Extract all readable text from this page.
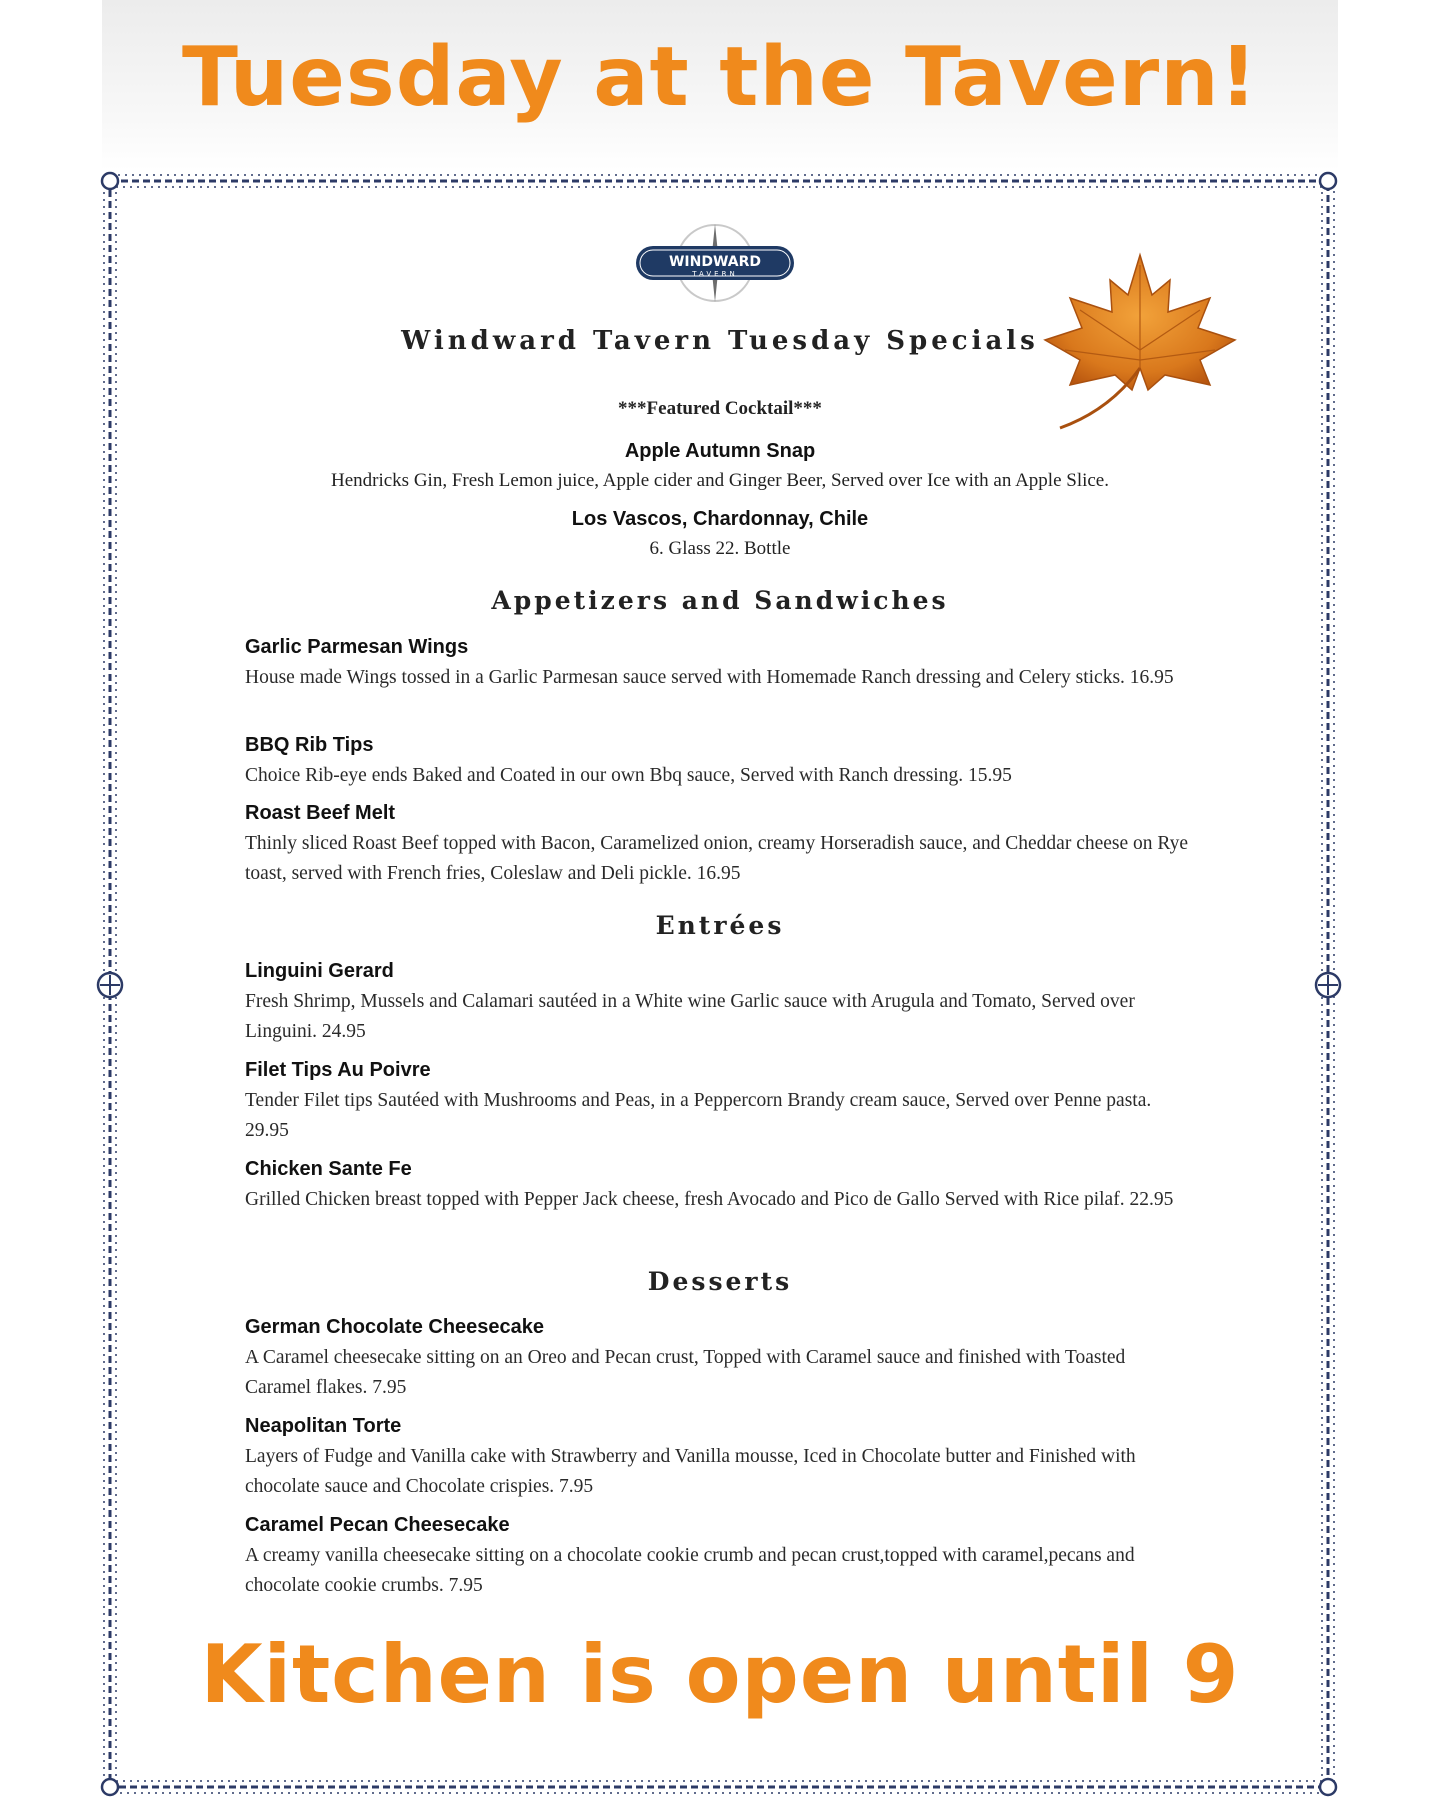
Tuesday at the Tavern!
WINDWARD
TAVERN
Windward Tavern Tuesday Specials
***Featured Cocktail***
Apple Autumn Snap
Hendricks Gin, Fresh Lemon juice, Apple cider and Ginger Beer, Served over Ice with an Apple Slice.
Los Vascos, Chardonnay, Chile
6. Glass 22. Bottle
Appetizers and Sandwiches
Garlic Parmesan Wings
House made Wings tossed in a Garlic Parmesan sauce served with Homemade Ranch dressing and Celery sticks. 16.95
BBQ Rib Tips
Choice Rib-eye ends Baked and Coated in our own Bbq sauce, Served with Ranch dressing. 15.95
Roast Beef Melt
Thinly sliced Roast Beef topped with Bacon, Caramelized onion, creamy Horseradish sauce, and Cheddar cheese on Rye toast, served with French fries, Coleslaw and Deli pickle. 16.95
Entrées
Linguini Gerard
Fresh Shrimp, Mussels and Calamari sautéed in a White wine Garlic sauce with Arugula and Tomato, Served over Linguini. 24.95
Filet Tips Au Poivre
Tender Filet tips Sautéed with Mushrooms and Peas, in a Peppercorn Brandy cream sauce, Served over Penne pasta. 29.95
Chicken Sante Fe
Grilled Chicken breast topped with Pepper Jack cheese, fresh Avocado and Pico de Gallo Served with Rice pilaf. 22.95
Desserts
German Chocolate Cheesecake
A Caramel cheesecake sitting on an Oreo and Pecan crust, Topped with Caramel sauce and finished with Toasted Caramel flakes. 7.95
Neapolitan Torte
Layers of Fudge and Vanilla cake with Strawberry and Vanilla mousse, Iced in Chocolate butter and Finished with chocolate sauce and Chocolate crispies. 7.95
Caramel Pecan Cheesecake
A creamy vanilla cheesecake sitting on a chocolate cookie crumb and pecan crust,topped with caramel,pecans and chocolate cookie crumbs. 7.95
Kitchen is open until 9
